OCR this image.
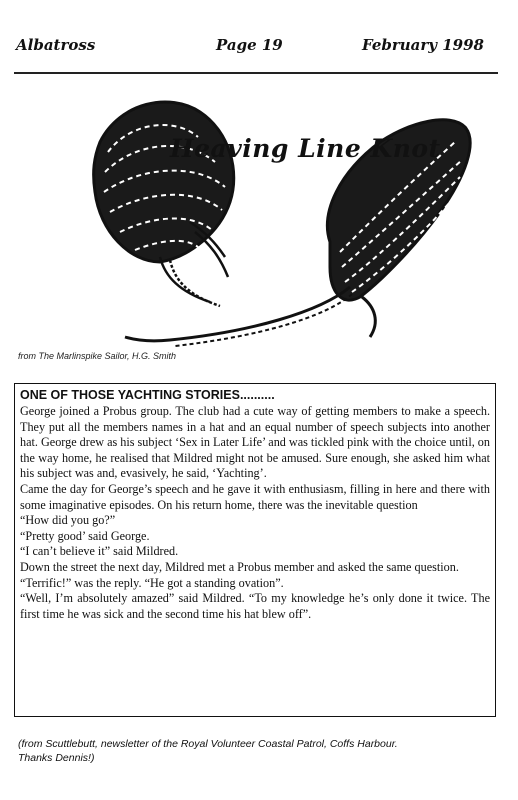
Albatross	Page 19	February 1998
Heaving Line Knot
from The Marlinspike Sailor, H.G. Smith
ONE OF THOSE YACHTING STORIES..........

George joined a Probus group. The club had a cute way of getting members to make a speech. They put all the members names in a hat and an equal number of speech subjects into another hat. George drew as his subject ‘Sex in Later Life’ and was tickled pink with the choice until, on the way home, he realised that Mildred might not be amused. Sure enough, she asked him what his subject was and, evasively, he said, ‘Yachting’.

Came the day for George’s speech and he gave it with enthusiasm, filling in here and there with some imaginative episodes. On his return home, there was the inevitable question

“How did you go?”

“Pretty good’ said George.

“I can’t believe it” said Mildred.

Down the street the next day, Mildred met a Probus member and asked the same question.

“Terrific!” was the reply. “He got a standing ovation”.

“Well, I’m absolutely amazed” said Mildred. “To my knowledge he’s only done it twice. The first time he was sick and the second time his hat blew off”.

(from Scuttlebutt, newsletter of the Royal Volunteer Coastal Patrol, Coffs Harbour.
Thanks Dennis!)
